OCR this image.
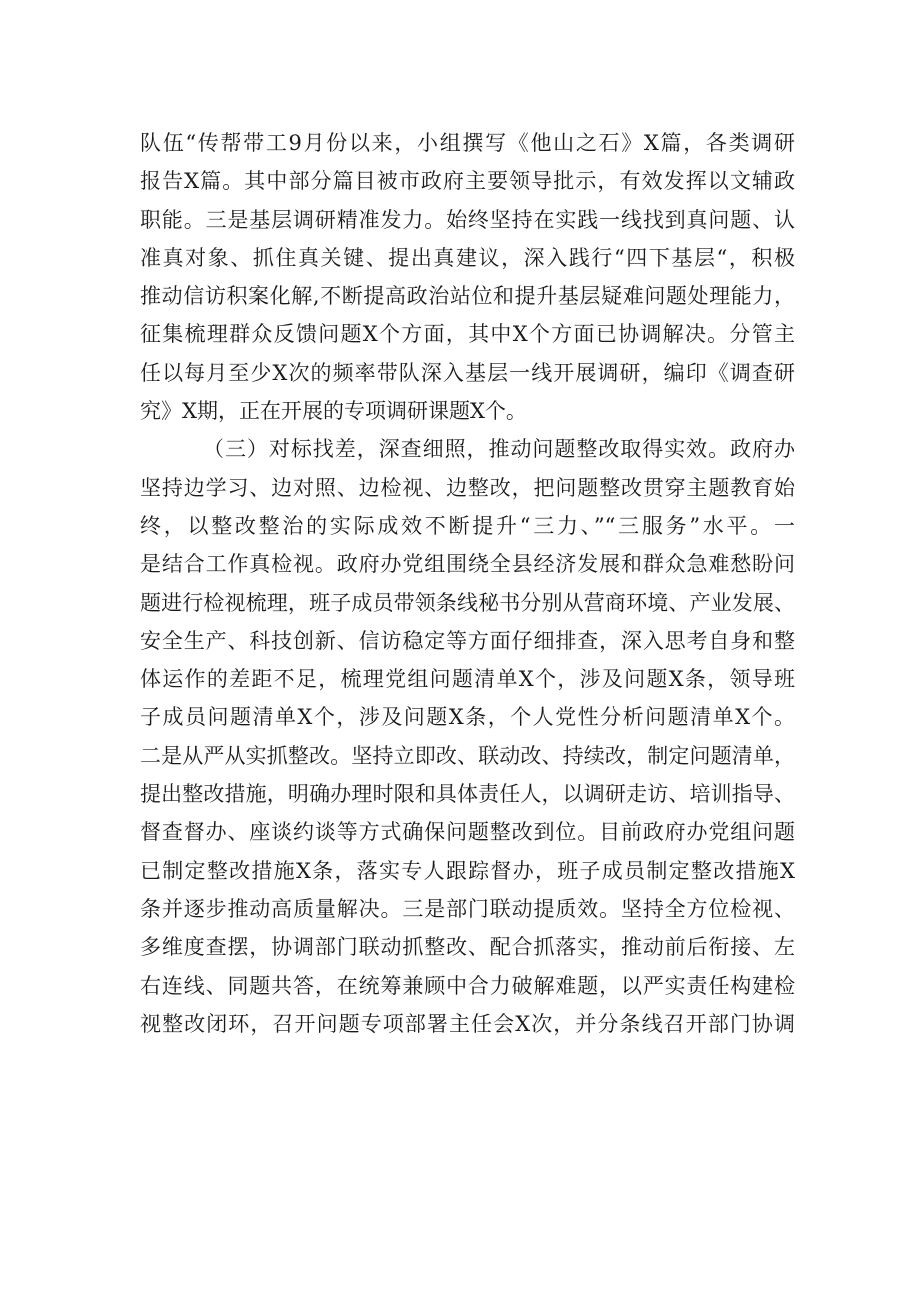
队伍“传帮带工9月份以来，小组撰写《他山之石》X篇，各类调研
报告X篇。其中部分篇目被市政府主要领导批示，有效发挥以文辅政
职能。三是基层调研精准发力。始终坚持在实践一线找到真问题、认
准真对象、抓住真关键、提出真建议，深入践行“四下基层“，积极
推动信访积案化解,不断提高政治站位和提升基层疑难问题处理能力，
征集梳理群众反馈问题X个方面，其中X个方面已协调解决。分管主
任以每月至少X次的频率带队深入基层一线开展调研，编印《调查研
究》X期，正在开展的专项调研课题X个。
（三）对标找差，深查细照，推动问题整改取得实效。政府办
坚持边学习、边对照、边检视、边整改，把问题整改贯穿主题教育始
终，以整改整治的实际成效不断提升“三力、”“三服务”水平。一
是结合工作真检视。政府办党组围绕全县经济发展和群众急难愁盼问
题进行检视梳理，班子成员带领条线秘书分别从营商环境、产业发展、
安全生产、科技创新、信访稳定等方面仔细排查，深入思考自身和整
体运作的差距不足，梳理党组问题清单X个，涉及问题X条，领导班
子成员问题清单X个，涉及问题X条，个人党性分析问题清单X个。
二是从严从实抓整改。坚持立即改、联动改、持续改，制定问题清单，
提出整改措施，明确办理时限和具体责任人，以调研走访、培训指导、
督查督办、座谈约谈等方式确保问题整改到位。目前政府办党组问题
已制定整改措施X条，落实专人跟踪督办，班子成员制定整改措施X
条并逐步推动高质量解决。三是部门联动提质效。坚持全方位检视、
多维度查摆，协调部门联动抓整改、配合抓落实，推动前后衔接、左
右连线、同题共答，在统筹兼顾中合力破解难题，以严实责任构建检
视整改闭环，召开问题专项部署主任会X次，并分条线召开部门协调
